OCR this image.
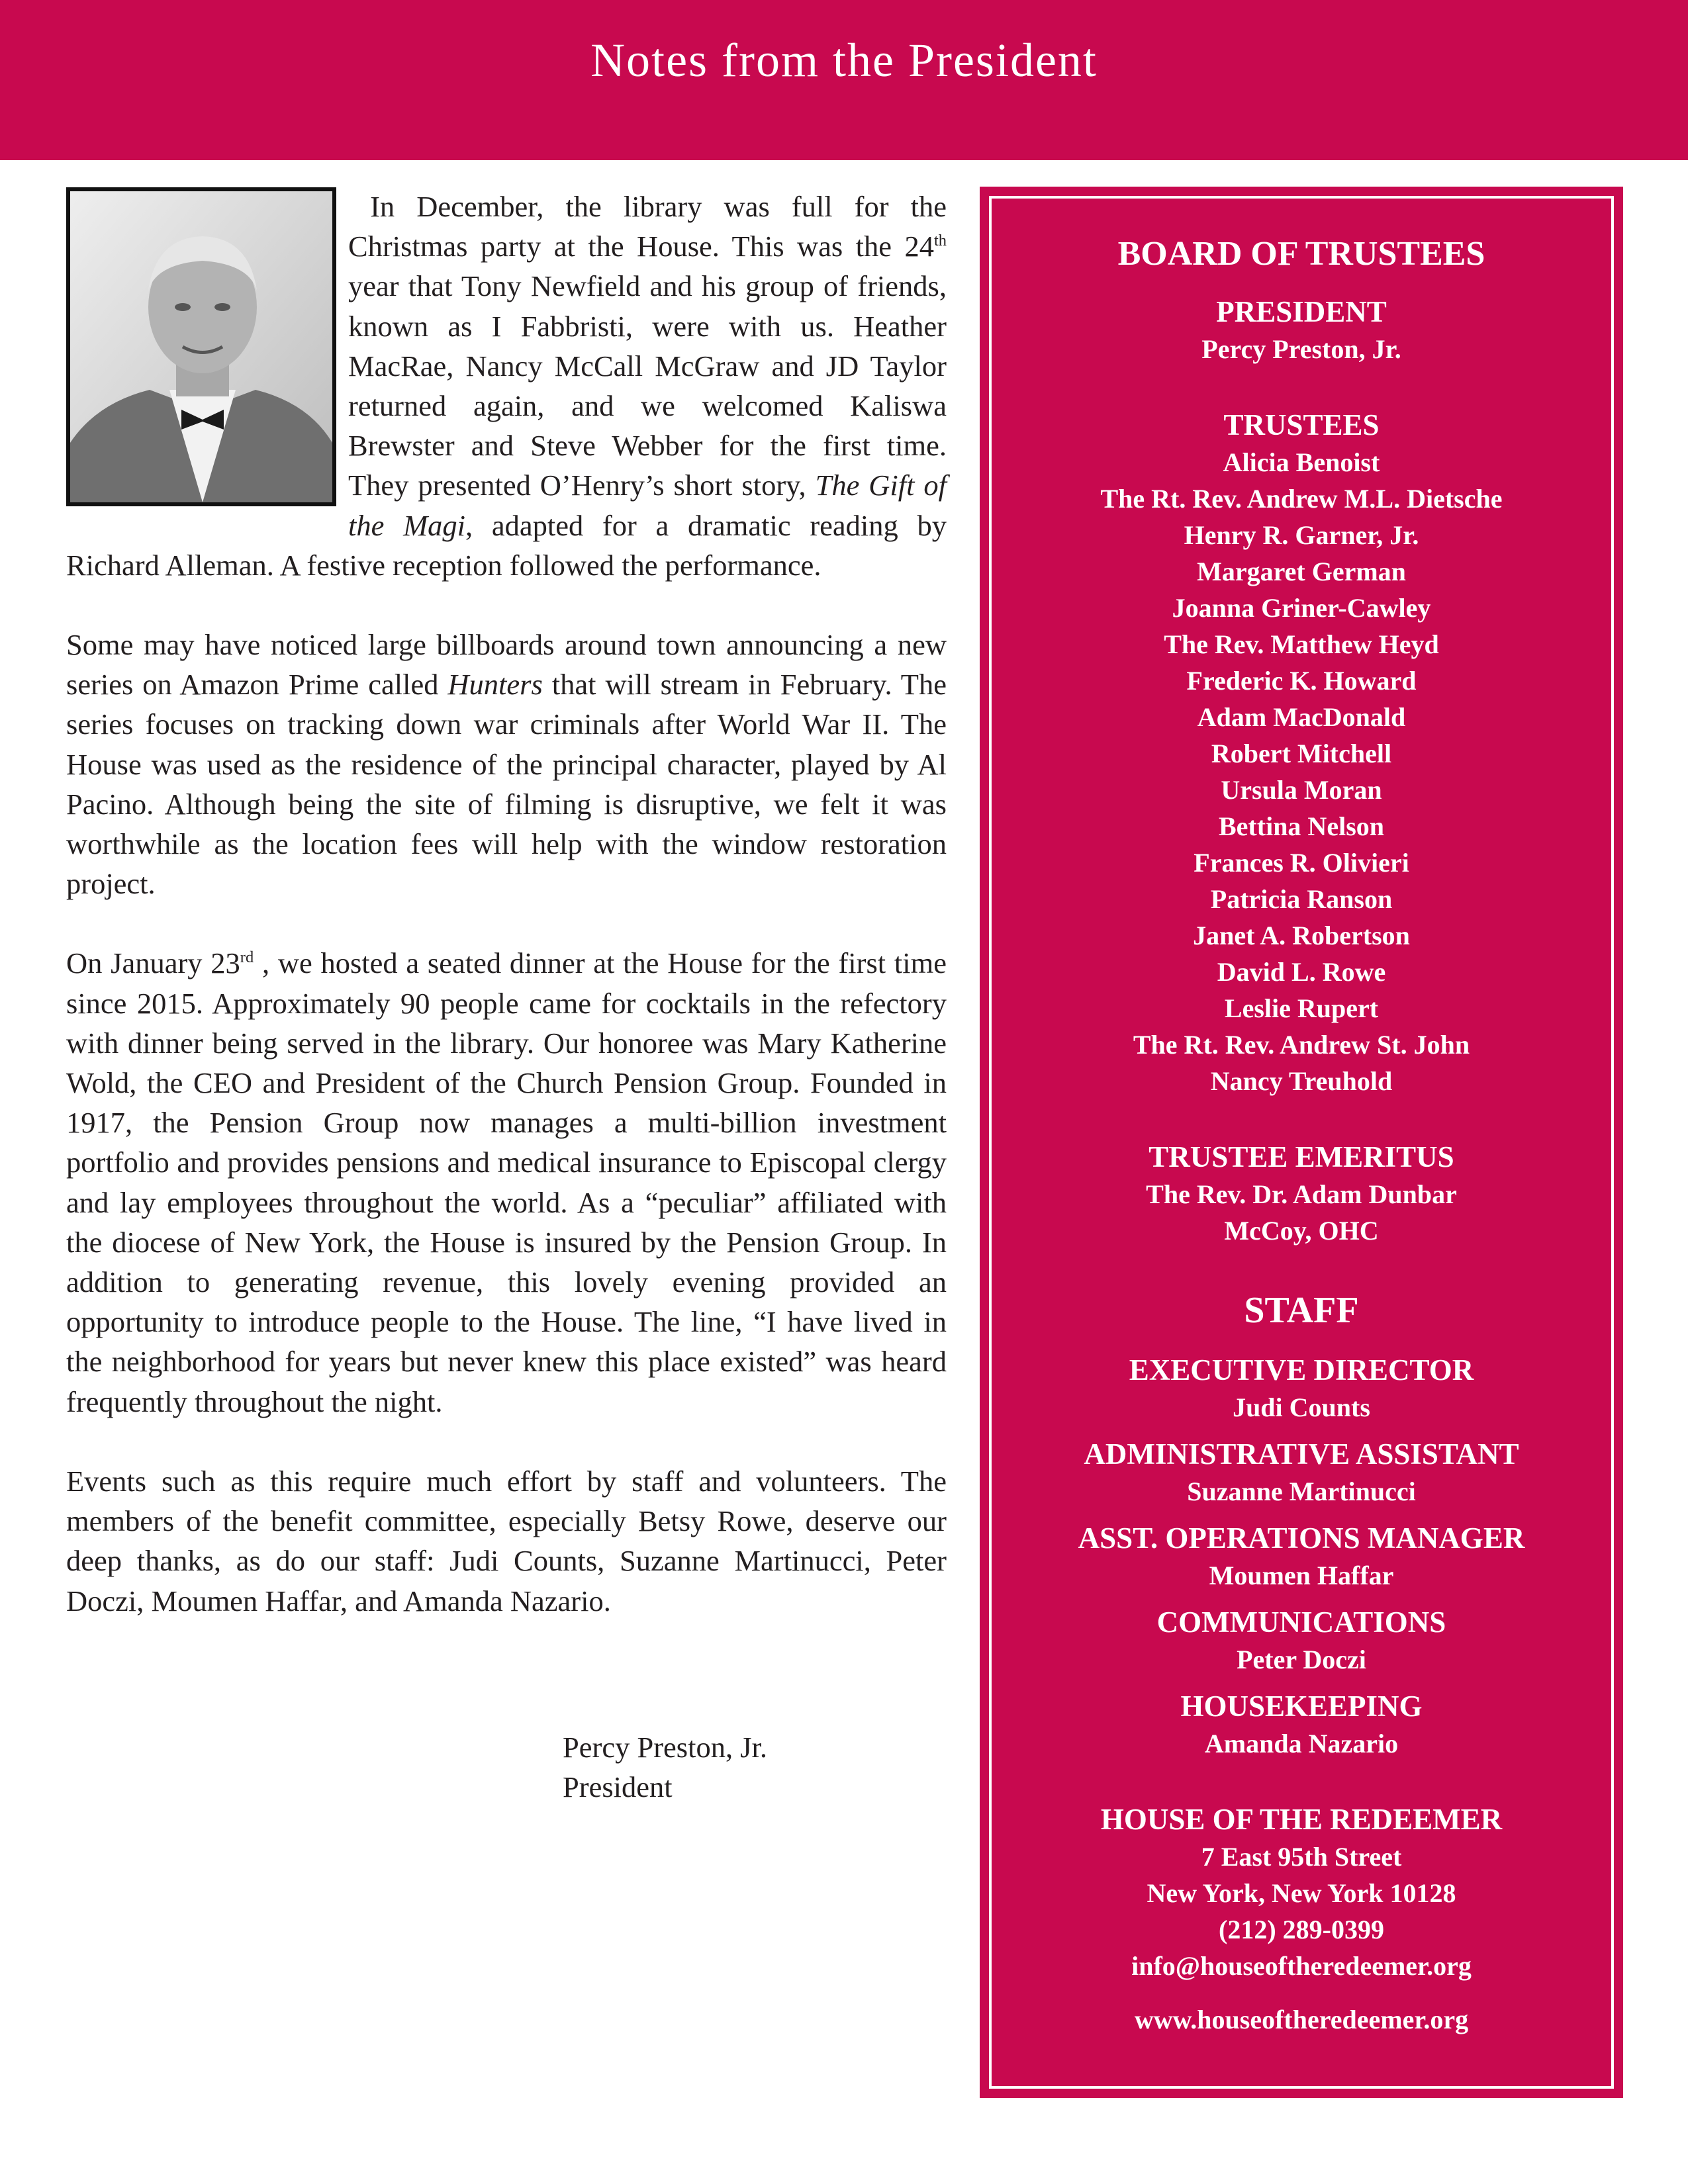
Notes from the President

In December, the library was full for the Christmas party at the House. This was the 24th year that Tony Newfield and his group of friends, known as I Fabbristi, were with us. Heather MacRae, Nancy McCall McGraw and JD Taylor returned again, and we welcomed Kaliswa Brewster and Steve Webber for the first time. They presented O’Henry’s short story, The Gift of the Magi, adapted for a dramatic reading by Richard Alleman. A festive reception followed the performance.

Some may have noticed large billboards around town announcing a new series on Amazon Prime called Hunters that will stream in February. The series focuses on tracking down war criminals after World War II. The House was used as the residence of the principal character, played by Al Pacino. Although being the site of filming is disruptive, we felt it was worthwhile as the location fees will help with the window restoration project.

On January 23rd , we hosted a seated dinner at the House for the first time since 2015. Approximately 90 people came for cocktails in the refectory with dinner being served in the library. Our honoree was Mary Katherine Wold, the CEO and President of the Church Pension Group. Founded in 1917, the Pension Group now manages a multi-billion investment portfolio and provides pensions and medical insurance to Episcopal clergy and lay employees throughout the world. As a “peculiar” affiliated with the diocese of New York, the House is insured by the Pension Group. In addition to generating revenue, this lovely evening provided an opportunity to introduce people to the House. The line, “I have lived in the neighborhood for years but never knew this place existed” was heard frequently throughout the night.

Events such as this require much effort by staff and volunteers. The members of the benefit committee, especially Betsy Rowe, deserve our deep thanks, as do our staff: Judi Counts, Suzanne Martinucci, Peter Doczi, Moumen Haffar, and Amanda Nazario.

Percy Preston, Jr.
President
BOARD OF TRUSTEES
PRESIDENT
Percy Preston, Jr.
TRUSTEES
Alicia Benoist
The Rt. Rev. Andrew M.L. Dietsche
Henry R. Garner, Jr.
Margaret German
Joanna Griner-Cawley
The Rev. Matthew Heyd
Frederic K. Howard
Adam MacDonald
Robert Mitchell
Ursula Moran
Bettina Nelson
Frances R. Olivieri
Patricia Ranson
Janet A. Robertson
David L. Rowe
Leslie Rupert
The Rt. Rev. Andrew St. John
Nancy Treuhold
TRUSTEE EMERITUS
The Rev. Dr. Adam Dunbar
McCoy, OHC
STAFF
EXECUTIVE DIRECTOR
Judi Counts
ADMINISTRATIVE ASSISTANT
Suzanne Martinucci
ASST. OPERATIONS MANAGER
Moumen Haffar
COMMUNICATIONS
Peter Doczi
HOUSEKEEPING
Amanda Nazario
HOUSE OF THE REDEEMER
7 East 95th Street
New York, New York 10128
(212) 289-0399
info@houseoftheredeemer.org
www.houseoftheredeemer.org
